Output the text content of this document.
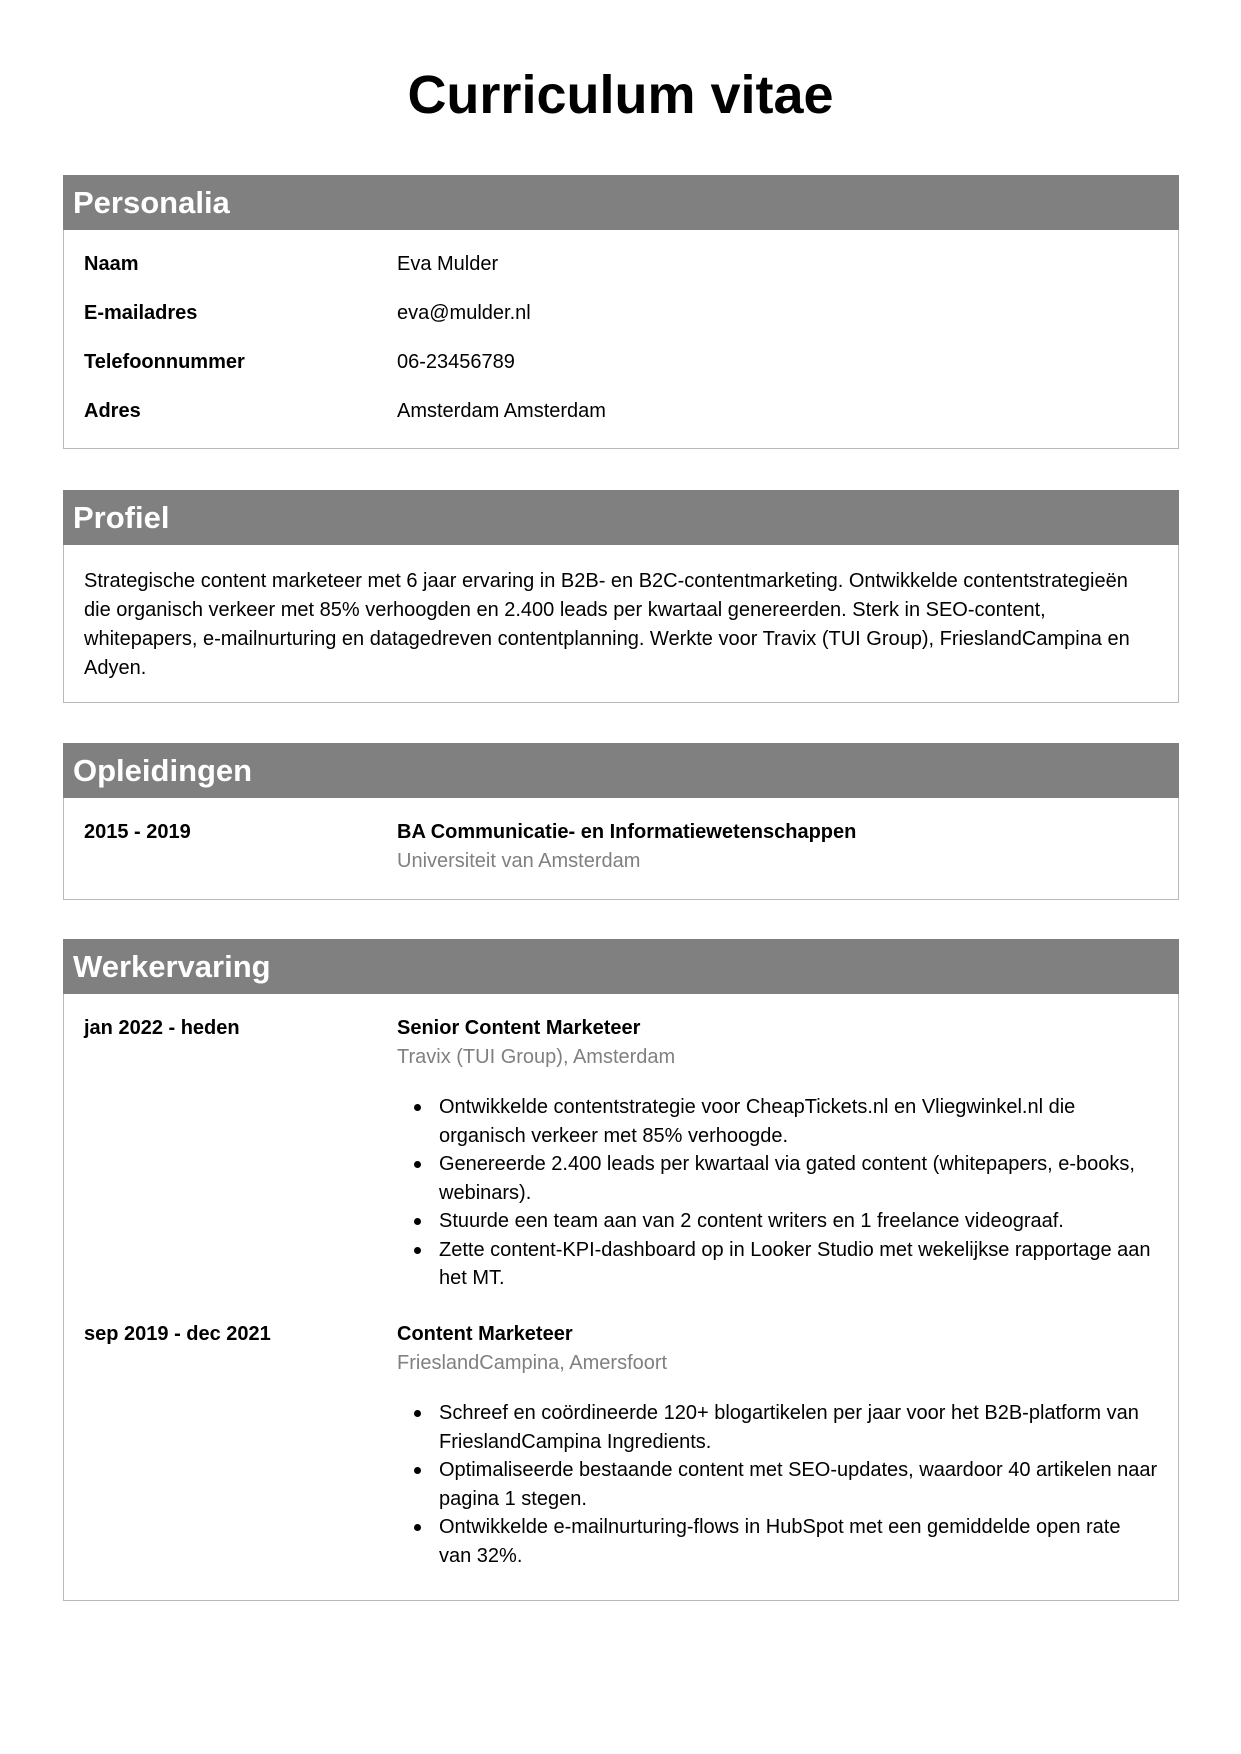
Curriculum vitae
Personalia
Naam	Eva Mulder
E-mailadres	eva@mulder.nl
Telefoonnummer	06-23456789
Adres	Amsterdam Amsterdam
Profiel
Strategische content marketeer met 6 jaar ervaring in B2B- en B2C-contentmarketing. Ontwikkelde contentstrategieën die organisch verkeer met 85% verhoogden en 2.400 leads per kwartaal genereerden. Sterk in SEO-content, whitepapers, e-mailnurturing en datagedreven contentplanning. Werkte voor Travix (TUI Group), FrieslandCampina en Adyen.
Opleidingen
2015 - 2019	BA Communicatie- en Informatiewetenschappen
Universiteit van Amsterdam
Werkervaring
jan 2022 - heden	Senior Content Marketeer
Travix (TUI Group), Amsterdam
Ontwikkelde contentstrategie voor CheapTickets.nl en Vliegwinkel.nl die organisch verkeer met 85% verhoogde.
Genereerde 2.400 leads per kwartaal via gated content (whitepapers, e-books, webinars).
Stuurde een team aan van 2 content writers en 1 freelance videograaf.
Zette content-KPI-dashboard op in Looker Studio met wekelijkse rapportage aan het MT.
sep 2019 - dec 2021	Content Marketeer
FrieslandCampina, Amersfoort
Schreef en coördineerde 120+ blogartikelen per jaar voor het B2B-platform van FrieslandCampina Ingredients.
Optimaliseerde bestaande content met SEO-updates, waardoor 40 artikelen naar pagina 1 stegen.
Ontwikkelde e-mailnurturing-flows in HubSpot met een gemiddelde open rate van 32%.
